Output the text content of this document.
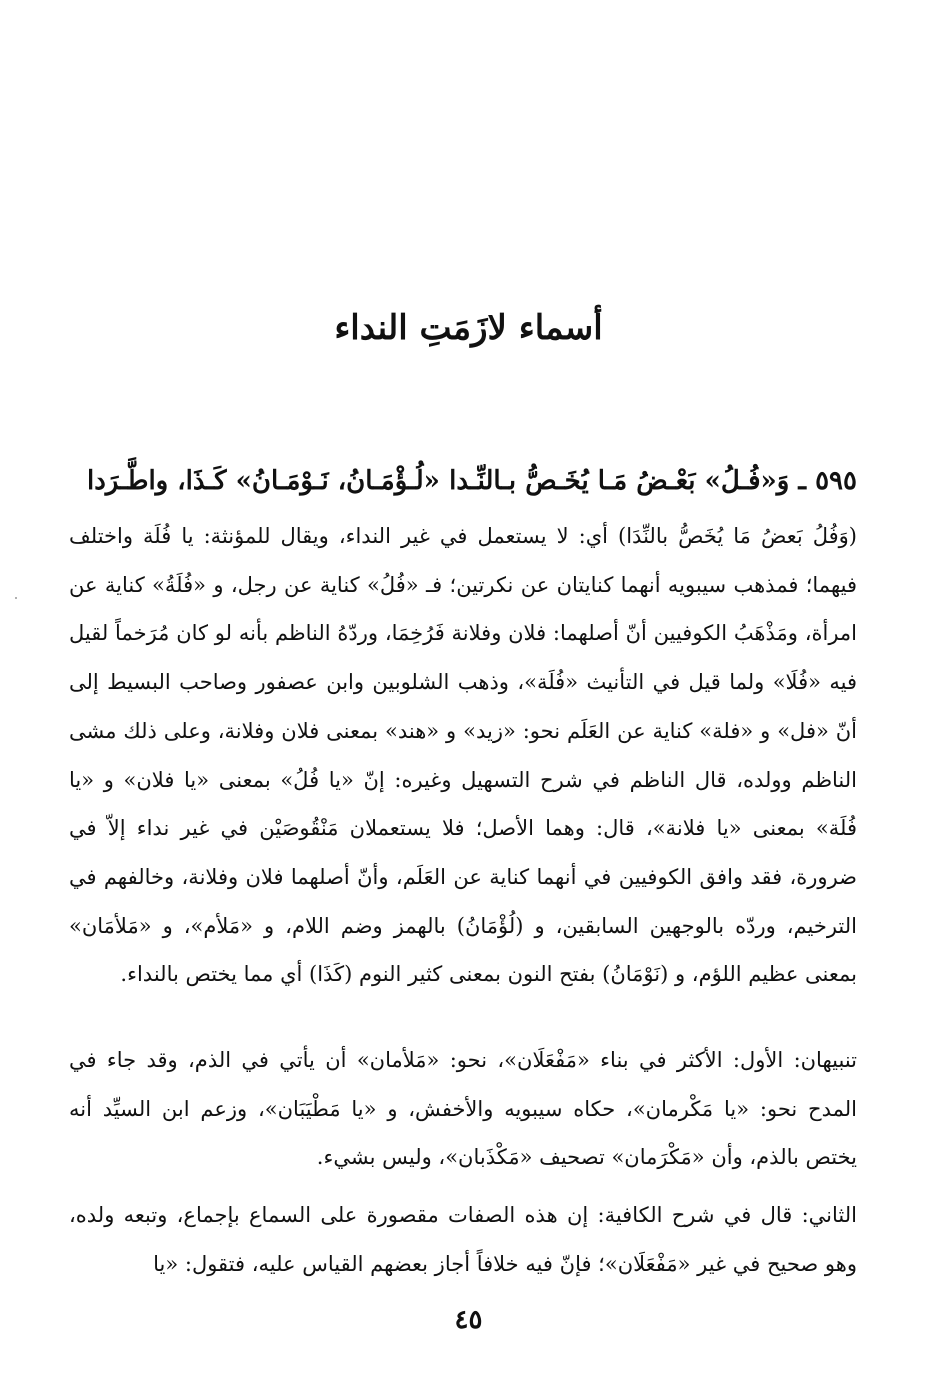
أسماء لازَمَتِ النداء
٥٩٥ ـ وَ«فُـلُ» بَعْـضُ مَـا يُخَـصُّ بـالنِّـدا
«لُـؤْمَـانُ، نَـوْمَـانُ» كَـذَا، واطَّـرَدا

(وَفُلُ بَعضُ مَا يُخَصُّ بالنِّدَا) أي: لا يستعمل في غير النداء، ويقال للمؤنثة: يا فُلَة واختلف فيهما؛ فمذهب سيبويه أنهما كنايتان عن نكرتين؛ فـ «فُلُ» كناية عن رجل، و «فُلَةُ» كناية عن امرأة، ومَذْهَبُ الكوفيين أنّ أصلهما: فلان وفلانة فَرُخِمَا، وردّهُ الناظم بأنه لو كان مُرَخماً لقيل فيه «فُلَا» ولما قيل في التأنيث «فُلَة»، وذهب الشلوبين وابن عصفور وصاحب البسيط إلى أنّ «فل» و «فلة» كناية عن العَلَم نحو: «زيد» و «هند» بمعنى فلان وفلانة، وعلى ذلك مشى الناظم وولده، قال الناظم في شرح التسهيل وغيره: إنّ «يا فُلُ» بمعنى «يا فلان» و «يا فُلَة» بمعنى «يا فلانة»، قال: وهما الأصل؛ فلا يستعملان مَنْقُوصَيْن في غير نداء إلاّ في ضرورة، فقد وافق الكوفيين في أنهما كناية عن العَلَم، وأنّ أصلهما فلان وفلانة، وخالفهم في الترخيم، وردّه بالوجهين السابقين، و (لُؤْمَانُ) بالهمز وضم اللام، و «مَلأم»، و «مَلأمَان» بمعنى عظيم اللؤم، و (نَوْمَانُ) بفتح النون بمعنى كثير النوم (كَذَا) أي مما يختص بالنداء.

تنبيهان: الأول: الأكثر في بناء «مَفْعَلَان»، نحو: «مَلأمان» أن يأتي في الذم، وقد جاء في المدح نحو: «يا مَكْرمان»، حكاه سيبويه والأخفش، و «يا مَطْيَبَان»، وزعم ابن السيِّد أنه يختص بالذم، وأن «مَكْرَمان» تصحيف «مَكْذَبان»، وليس بشيء.

الثاني: قال في شرح الكافية: إن هذه الصفات مقصورة على السماع بإجماع، وتبعه ولده، وهو صحيح في غير «مَفْعَلَان»؛ فإنّ فيه خلافاً أجاز بعضهم القياس عليه، فتقول: «يا

٤٥
